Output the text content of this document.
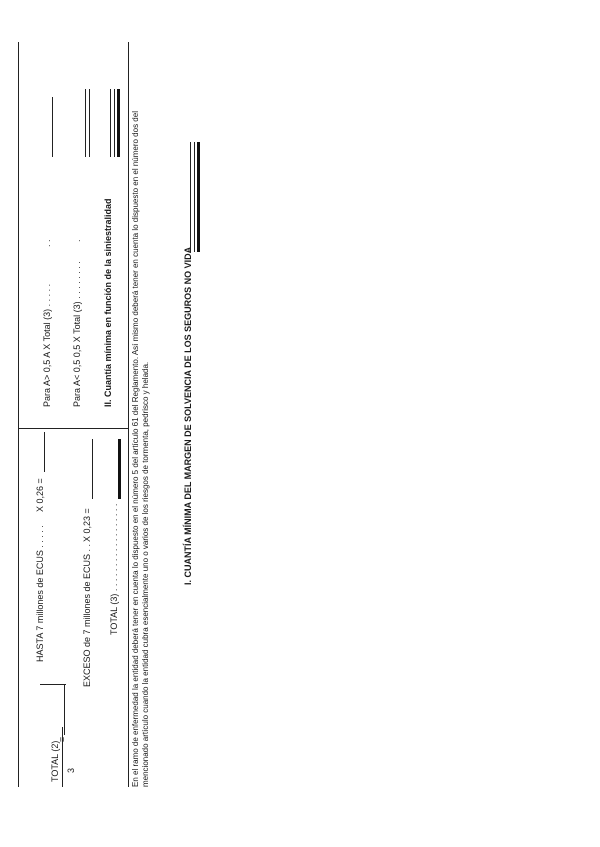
TOTAL (2)
=
3
HASTA 7 millones de ECUS . . . . .
X 0,26 =
EXCESO de 7 millones de ECUS . .
X 0,23 = TOTAL (3) . . . . . . . . . . . . . . . . . .
Para A> 0,5 A X Total (3) . . . . .
. .
Para A< 0,5 0,5 X Total (3) . . . . . . . .
. II. Cuantía mínima en función de la siniestralidad En el ramo de enfermedad la entidad deberá tener en cuenta lo dispuesto en el número 5 del artículo 61 del Reglamento. Así mismo deberá tener en cuenta lo dispuesto en el número dos del mencionado artículo cuando la entidad cubra esencialmente uno o varios de los riesgos de tormenta, pedrisco y helada.	I. CUANTÍA MÍNIMA DEL MARGEN DE SOLVENCIA DE LOS SEGUROS NO VIDA
